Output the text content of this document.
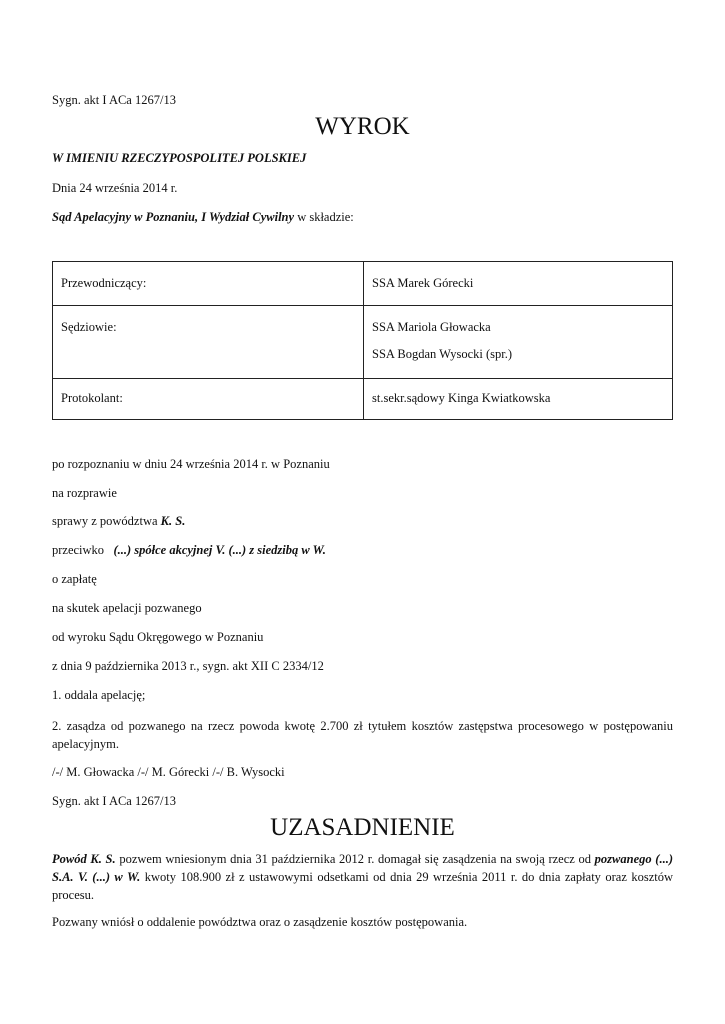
Sygn. akt I ACa 1267/13
WYROK
W IMIENIU RZECZYPOSPOLITEJ POLSKIEJ
Dnia 24 września 2014 r.
Sąd Apelacyjny w Poznaniu, I Wydział Cywilny w składzie:
Przewodniczący:	SSA Marek Górecki

Sędziowie:	SSA Mariola Głowacka
SSA Bogdan Wysocki (spr.)

Protokolant:	st.sekr.sądowy Kinga Kwiatkowska
po rozpoznaniu w dniu 24 września 2014 r. w Poznaniu
na rozprawie
sprawy z powództwa K. S.
przeciwko   (...) spółce akcyjnej V. (...) z siedzibą w W.
o zapłatę
na skutek apelacji pozwanego
od wyroku Sądu Okręgowego w Poznaniu
z dnia 9 października 2013 r., sygn. akt XII C 2334/12
1. oddala apelację;
2. zasądza od pozwanego na rzecz powoda kwotę 2.700 zł tytułem kosztów zastępstwa procesowego w postępowaniu apelacyjnym.
/-/ M. Głowacka /-/ M. Górecki /-/ B. Wysocki
Sygn. akt I ACa 1267/13
UZASADNIENIE
Powód K. S. pozwem wniesionym dnia 31 października 2012 r. domagał się zasądzenia na swoją rzecz od pozwanego (...) S.A. V. (...) w W. kwoty 108.900 zł z ustawowymi odsetkami od dnia 29 września 2011 r. do dnia zapłaty oraz kosztów procesu.
Pozwany wniósł o oddalenie powództwa oraz o zasądzenie kosztów postępowania.
